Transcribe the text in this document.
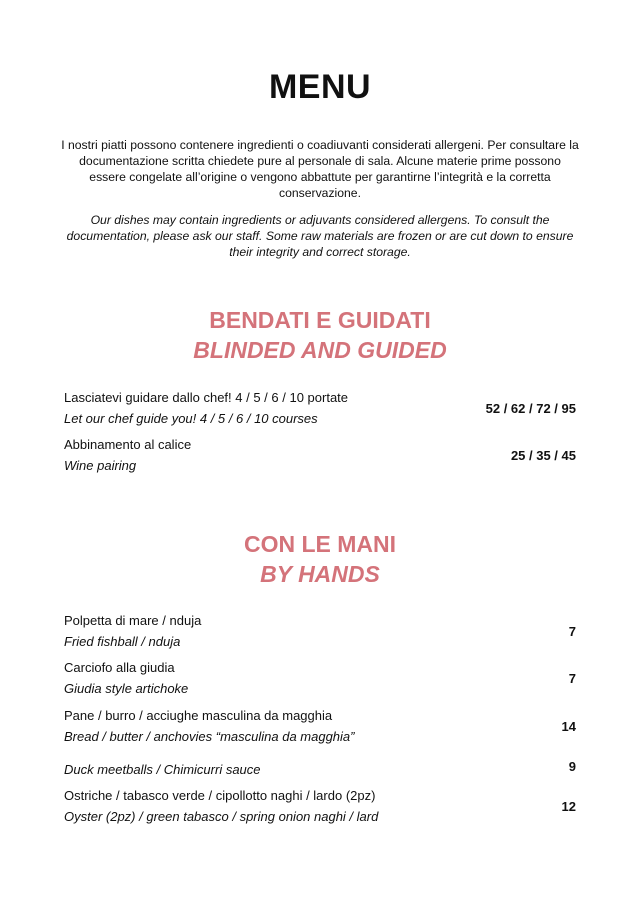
MENU
I nostri piatti possono contenere ingredienti o coadiuvanti considerati allergeni. Per consultare la documentazione scritta chiedete pure al personale di sala. Alcune materie prime possono essere congelate all’origine o vengono abbattute per garantirne l’integrità e la corretta conservazione.
Our dishes may contain ingredients or adjuvants considered allergens. To consult the documentation, please ask our staff. Some raw materials are frozen or are cut down to ensure their integrity and correct storage.
BENDATI E GUIDATI
BLINDED AND GUIDED
Lasciatevi guidare dallo chef! 4 / 5 / 6 / 10 portate
Let our chef guide you! 4 / 5 / 6 / 10 courses
52 / 62 / 72 / 95
Abbinamento al calice
Wine pairing
25 / 35 / 45
CON LE MANI
BY HANDS
Polpetta di mare / nduja
Fried fishball / nduja
7
Carciofo alla giudia
Giudia style artichoke
7
Pane / burro / acciughe masculina da magghia
Bread / butter / anchovies “masculina da magghia”
14
Duck meetballs / Chimicurri sauce	9
Ostriche / tabasco verde / cipollotto naghi / lardo (2pz)
Oyster (2pz) / green tabasco / spring onion naghi / lard
12
